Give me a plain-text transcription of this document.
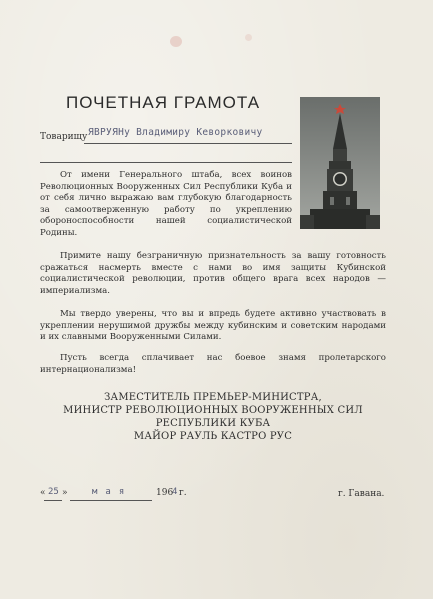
ПОЧЕТНАЯ ГРАМОТА
Товарищу ЯВРУЯНу Владимиру Кеворковичу

От имени Генерального штаба, всех воинов Революционных Вооруженных Сил Республики Куба и от себя лично выражаю вам глубокую благодарность за самоотверженную работу по укреплению обороноспособности нашей социалистической Родины.

Примите нашу безграничную признательность за вашу готовность сражаться насмерть вместе с нами во имя защиты Кубинской социалистической революции, против общего врага всех народов — империализма.

Мы твердо уверены, что вы и впредь будете активно участвовать в укреплении нерушимой дружбы между кубинским и советским народами и их славными Вооруженными Силами.

Пусть всегда сплачивает нас боевое знамя пролетарского интернационализма!

ЗАМЕСТИТЕЛЬ ПРЕМЬЕР-МИНИСТРА,

МИНИСТР РЕВОЛЮЦИОННЫХ ВООРУЖЕННЫХ СИЛ

РЕСПУБЛИКИ КУБА

МАЙОР РАУЛЬ КАСТРО РУС

« 25 »	мая	196
4 г.	г. Гавана.
